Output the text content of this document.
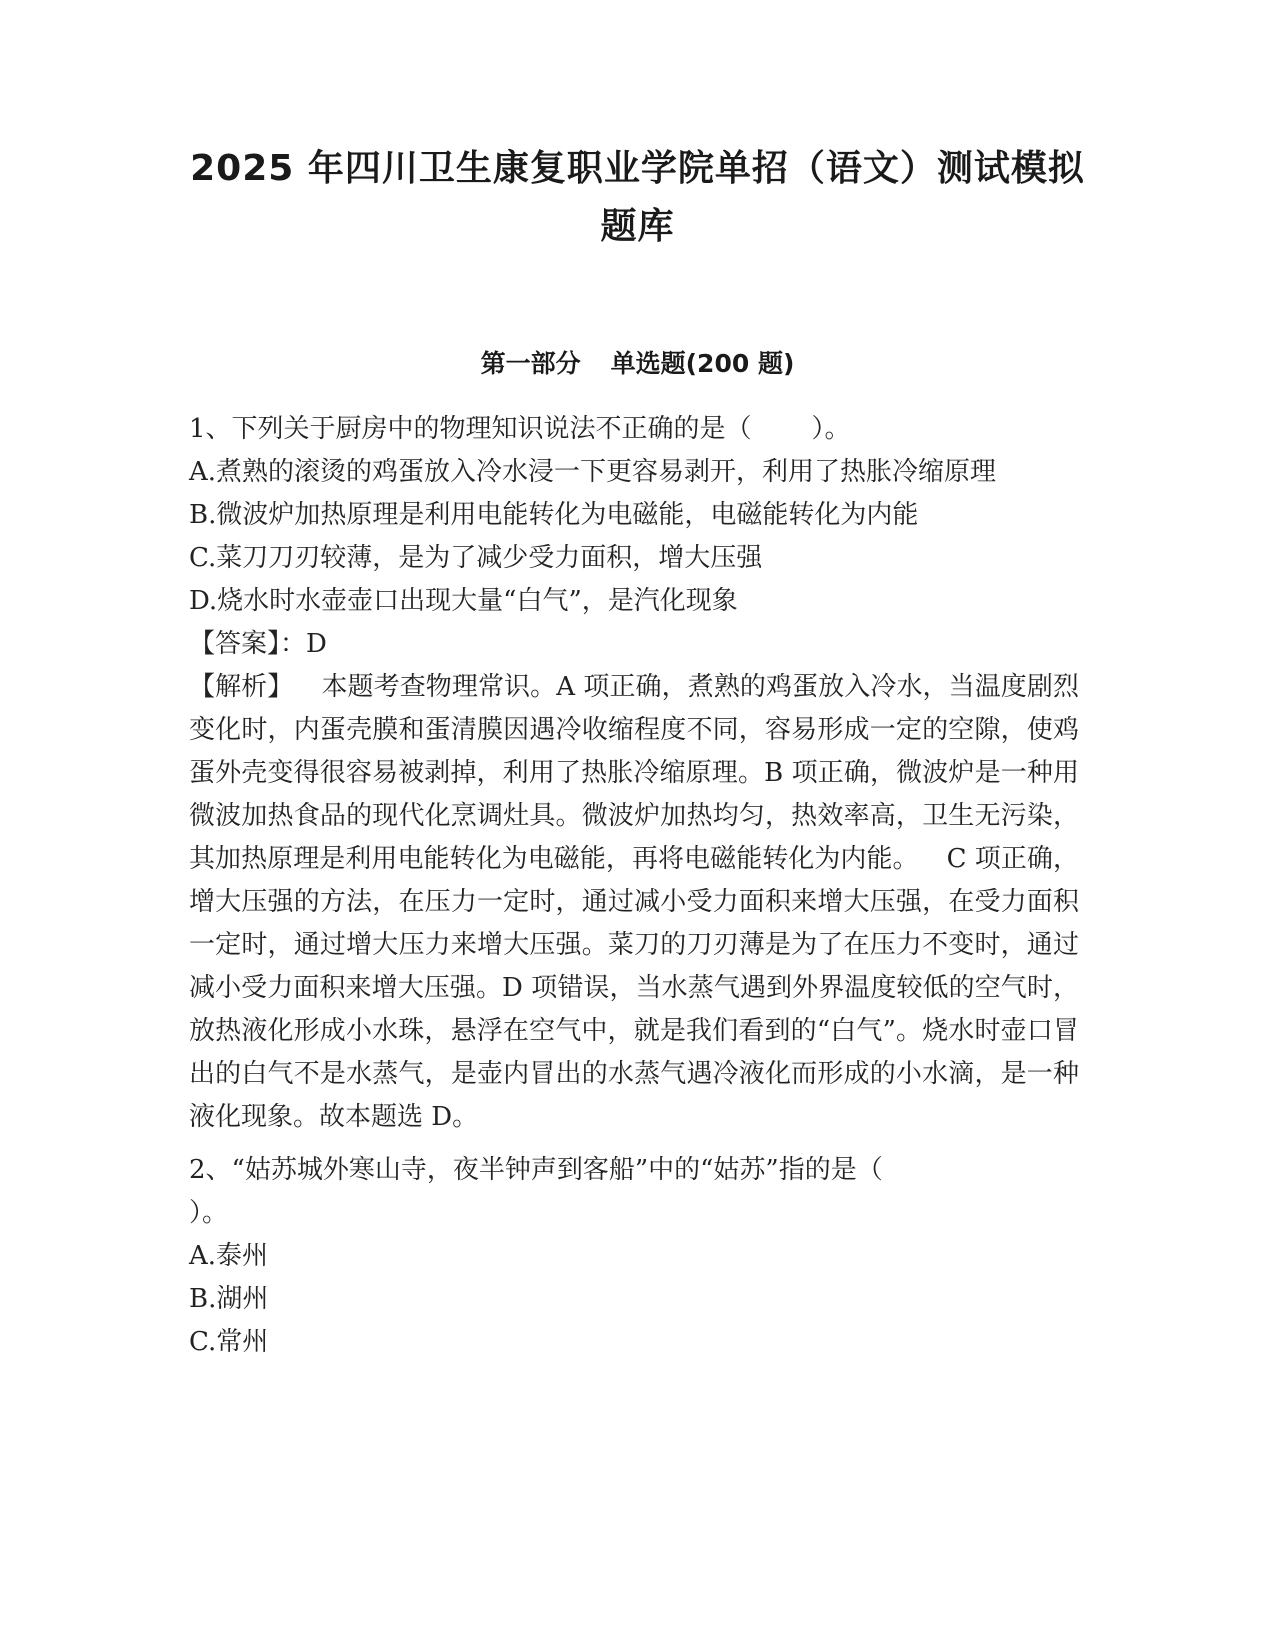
2025 年四川卫生康复职业学院单招（语文）测试模拟
题库
第一部分 单选题(200 题)

1、下列关于厨房中的物理知识说法不正确的是（ ）。

A.煮熟的滚烫的鸡蛋放入冷水浸一下更容易剥开，利用了热胀冷缩原理

B.微波炉加热原理是利用电能转化为电磁能，电磁能转化为内能

C.菜刀刀刃较薄，是为了减少受力面积，增大压强

D.烧水时水壶壶口出现大量“白气”，是汽化现象

【答案】：D

【解析】 本题考查物理常识。A 项正确，煮熟的鸡蛋放入冷水，当温度剧烈变化时，内蛋壳膜和蛋清膜因遇冷收缩程度不同，容易形成一定的空隙，使鸡蛋外壳变得很容易被剥掉，利用了热胀冷缩原理。B 项正确，微波炉是一种用微波加热食品的现代化烹调灶具。微波炉加热均匀，热效率高，卫生无污染，其加热原理是利用电能转化为电磁能，再将电磁能转化为内能。 C 项正确，增大压强的方法，在压力一定时，通过减小受力面积来增大压强，在受力面积一定时，通过增大压力来增大压强。菜刀的刀刃薄是为了在压力不变时，通过减小受力面积来增大压强。D 项错误，当水蒸气遇到外界温度较低的空气时，放热液化形成小水珠，悬浮在空气中，就是我们看到的“白气”。烧水时壶口冒出的白气不是水蒸气，是壶内冒出的水蒸气遇冷液化而形成的小水滴，是一种液化现象。故本题选 D。

2、“姑苏城外寒山寺，夜半钟声到客船”中的“姑苏”指的是（
）。

A.泰州

B.湖州

C.常州
